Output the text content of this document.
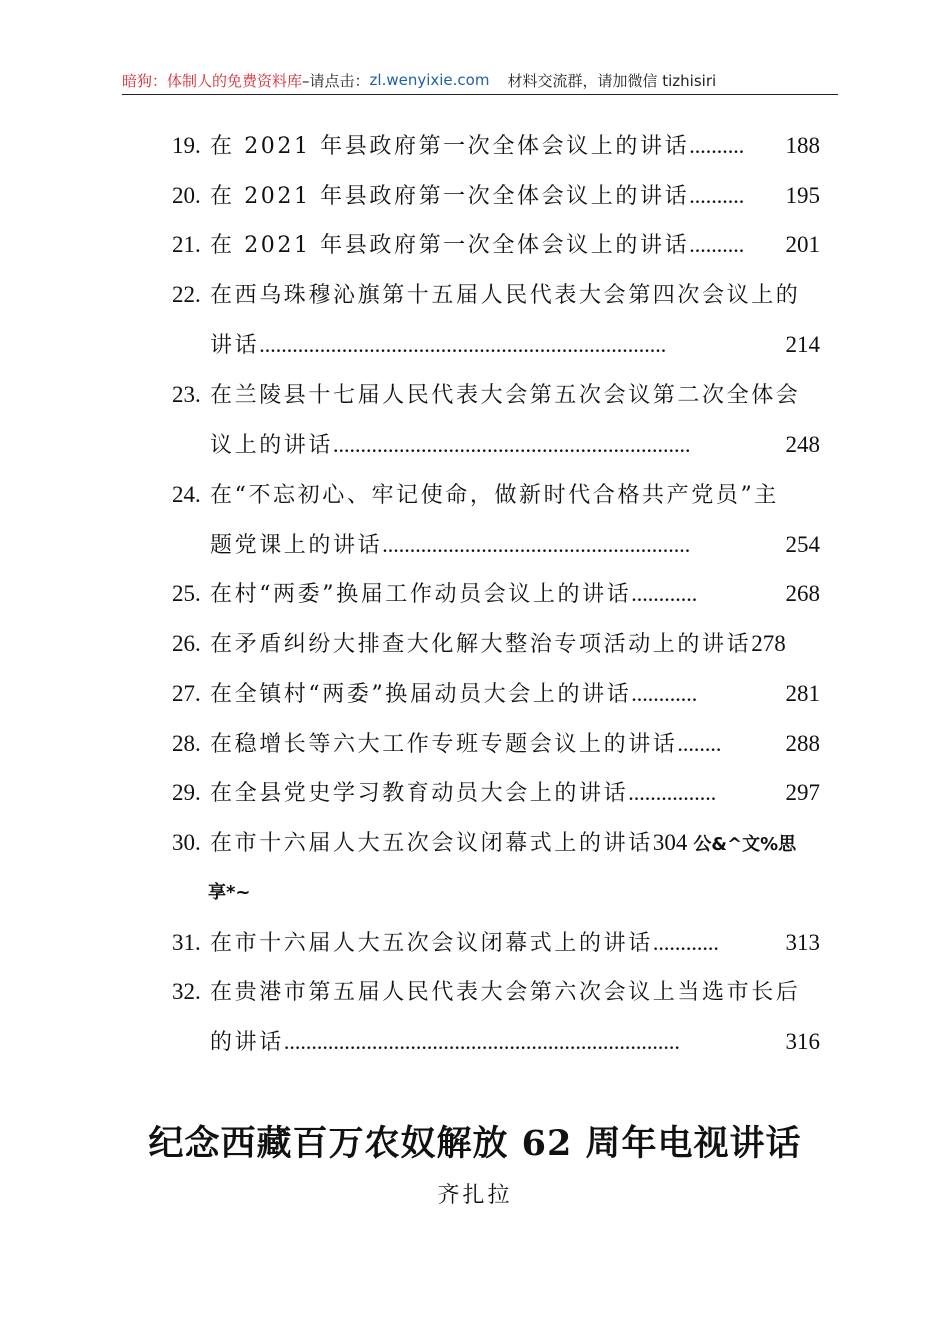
暗狗：体制人的免费资料库 –请点击： zl.wenyixie.com 材料交流群，请加微信 tizhisiri
19. 在 2021 年县政府第一次全体会议上的讲话 ..........	188
20. 在 2021 年县政府第一次全体会议上的讲话 ..........	195
21. 在 2021 年县政府第一次全体会议上的讲话 ..........	201
22. 在西乌珠穆沁旗第十五届人民代表大会第四次会议上的
讲话 ..........................................................................	214
23. 在兰陵县十七届人民代表大会第五次会议第二次全体会
议上的讲话 .................................................................	248
24. 在“不忘初心、牢记使命，做新时代合格共产党员”主
题党课上的讲话 ........................................................	254
25. 在村“两委”换届工作动员会议上的讲话 ............	268
26. 在矛盾纠纷大排查大化解大整治专项活动上的讲话 278
27. 在全镇村“两委”换届动员大会上的讲话 ............	281
28. 在稳增长等六大工作专班专题会议上的讲话 ........	288
29. 在全县党史学习教育动员大会上的讲话 ................	297
30. 在市十六届人大五次会议闭幕式上的讲话 304 公&^文%思
享*~
31. 在市十六届人大五次会议闭幕式上的讲话 ............	313
32. 在贵港市第五届人民代表大会第六次会议上当选市长后
的讲话 ........................................................................	316
纪念西藏百万农奴解放 62 周年电视讲话
齐扎拉
